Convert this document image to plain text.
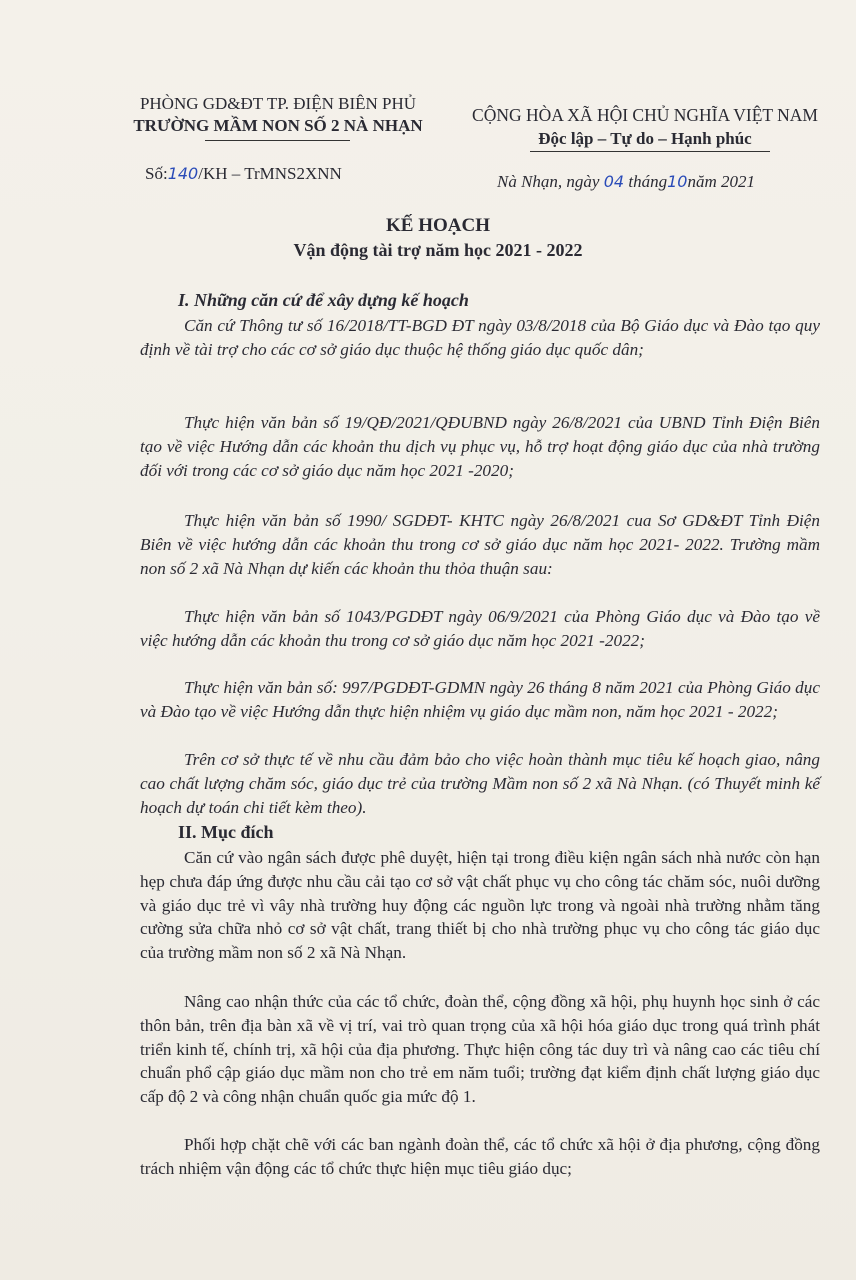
PHÒNG GD&ĐT TP. ĐIỆN BIÊN PHỦ
TRƯỜNG MẦM NON SỐ 2 NÀ NHẠN
CỘNG HÒA XÃ HỘI CHỦ NGHĨA VIỆT NAM
Độc lập – Tự do – Hạnh phúc
Số:140/KH – TrMNS2XNN	Nà Nhạn, ngày 04 tháng10năm 2021
KẾ HOẠCH
Vận động tài trợ năm học 2021 - 2022
I. Những căn cứ để xây dựng kế hoạch
Căn cứ Thông tư số 16/2018/TT-BGD ĐT ngày 03/8/2018 của Bộ Giáo dục và Đào tạo quy định về tài trợ cho các cơ sở giáo dục thuộc hệ thống giáo dục quốc dân;
Thực hiện văn bản số 19/QĐ/2021/QĐUBND ngày 26/8/2021 của UBND Tỉnh Điện Biên tạo về việc Hướng dẫn các khoản thu dịch vụ phục vụ, hỗ trợ hoạt động giáo dục của nhà trường đối với trong các cơ sở giáo dục năm học 2021 -2020;
Thực hiện văn bản số 1990/ SGDĐT- KHTC ngày 26/8/2021 cua Sơ GD&ĐT Tỉnh Điện Biên về việc hướng dẫn các khoản thu trong cơ sở giáo dục năm học 2021- 2022. Trường mầm non số 2 xã Nà Nhạn dự kiến các khoản thu thỏa thuận sau:
Thực hiện văn bản số 1043/PGDĐT ngày 06/9/2021 của Phòng Giáo dục và Đào tạo về việc hướng dẫn các khoản thu trong cơ sở giáo dục năm học 2021 -2022;
Thực hiện văn bản số: 997/PGDĐT-GDMN ngày 26 tháng 8 năm 2021 của Phòng Giáo dục và Đào tạo về việc Hướng dẫn thực hiện nhiệm vụ giáo dục mầm non, năm học 2021 - 2022;
Trên cơ sở thực tế về nhu cầu đảm bảo cho việc hoàn thành mục tiêu kế hoạch giao, nâng cao chất lượng chăm sóc, giáo dục trẻ của trường Mầm non số 2 xã Nà Nhạn. (có Thuyết minh kế hoạch dự toán chi tiết kèm theo).
II. Mục đích
Căn cứ vào ngân sách được phê duyệt, hiện tại trong điều kiện ngân sách nhà nước còn hạn hẹp chưa đáp ứng được nhu cầu cải tạo cơ sở vật chất phục vụ cho công tác chăm sóc, nuôi dưỡng và giáo dục trẻ vì vây nhà trường huy động các nguồn lực trong và ngoài nhà trường nhằm tăng cường sửa chữa nhỏ cơ sở vật chất, trang thiết bị cho nhà trường phục vụ cho công tác giáo dục của trường mầm non số 2 xã Nà Nhạn.
Nâng cao nhận thức của các tổ chức, đoàn thể, cộng đồng xã hội, phụ huynh học sinh ở các thôn bản, trên địa bàn xã về vị trí, vai trò quan trọng của xã hội hóa giáo dục trong quá trình phát triển kinh tế, chính trị, xã hội của địa phương. Thực hiện công tác duy trì và nâng cao các tiêu chí chuẩn phổ cập giáo dục mầm non cho trẻ em năm tuổi; trường đạt kiểm định chất lượng giáo dục cấp độ 2 và công nhận chuẩn quốc gia mức độ 1.
Phối hợp chặt chẽ với các ban ngành đoàn thể, các tổ chức xã hội ở địa phương, cộng đồng trách nhiệm vận động các tổ chức thực hiện mục tiêu giáo dục;
